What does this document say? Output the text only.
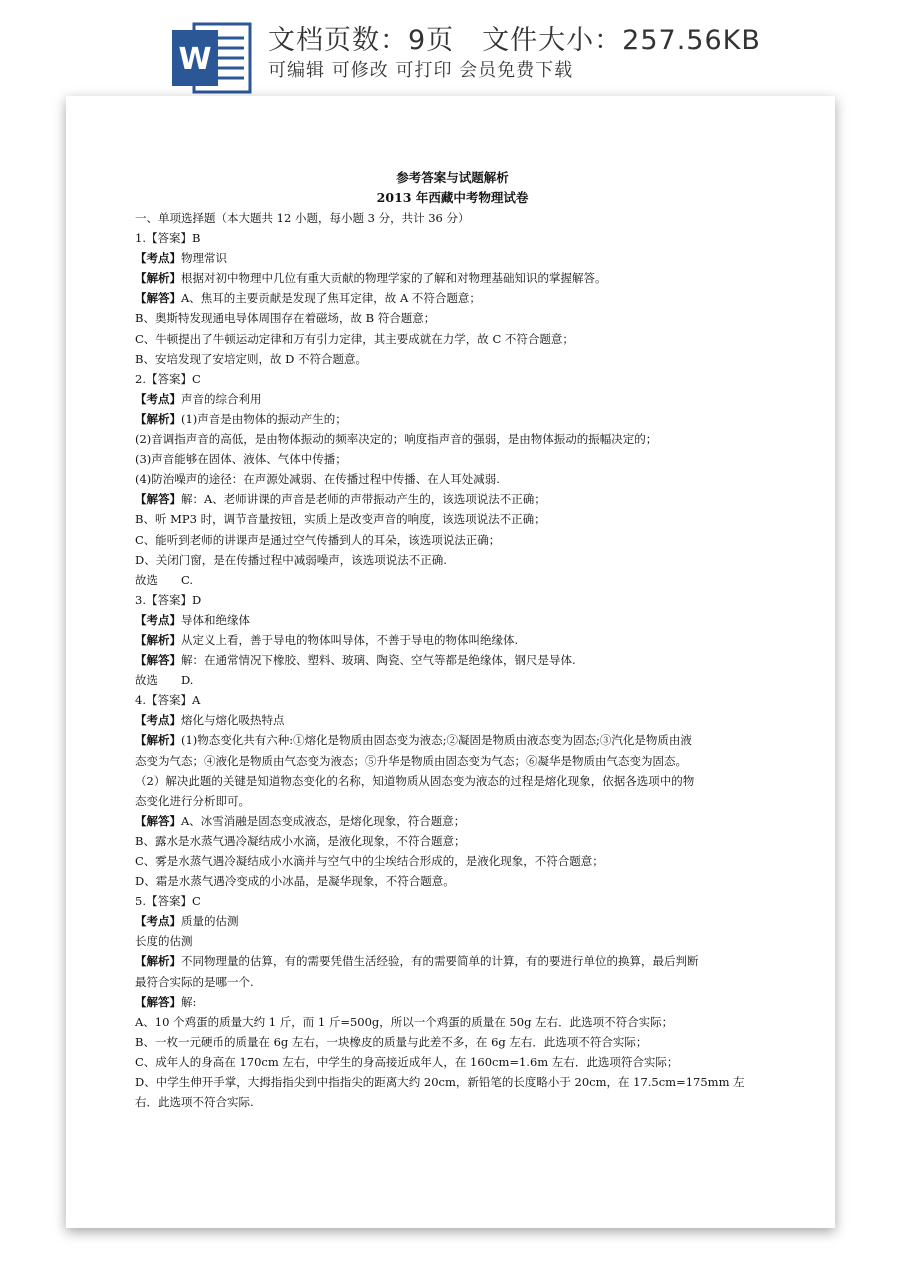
W
文档页数：9页　文件大小：257.56KB
可编辑 可修改 可打印 会员免费下载

参考答案与试题解析

2013 年西藏中考物理试卷

一、单项选择题（本大题共 12 小题，每小题 3 分，共计 36 分）

1.【答案】B

【考点】物理常识

【解析】根据对初中物理中几位有重大贡献的物理学家的了解和对物理基础知识的掌握解答。

【解答】A、焦耳的主要贡献是发现了焦耳定律，故 A 不符合题意；

B、奥斯特发现通电导体周围存在着磁场，故 B 符合题意；

C、牛顿提出了牛顿运动定律和万有引力定律，其主要成就在力学，故 C 不符合题意；

B、安培发现了安培定则，故 D 不符合题意。

2.【答案】C

【考点】声音的综合利用

【解析】(1)声音是由物体的振动产生的；

(2)音调指声音的高低，是由物体振动的频率决定的；响度指声音的强弱，是由物体振动的振幅决定的；

(3)声音能够在固体、液体、气体中传播；

(4)防治噪声的途径：在声源处减弱、在传播过程中传播、在人耳处减弱.

【解答】解：A、老师讲课的声音是老师的声带振动产生的，该选项说法不正确；

B、听 MP3 时，调节音量按钮，实质上是改变声音的响度，该选项说法不正确；

C、能听到老师的讲课声是通过空气传播到人的耳朵，该选项说法正确；

D、关闭门窗，是在传播过程中减弱噪声，该选项说法不正确.

故选　　C.

3.【答案】D

【考点】导体和绝缘体

【解析】从定义上看，善于导电的物体叫导体，不善于导电的物体叫绝缘体.

【解答】解：在通常情况下橡胶、塑料、玻璃、陶瓷、空气等都是绝缘体，钢尺是导体.

故选　　D.

4.【答案】A

【考点】熔化与熔化吸热特点

【解析】(1)物态变化共有六种:①熔化是物质由固态变为液态;②凝固是物质由液态变为固态;③汽化是物质由液

态变为气态；④液化是物质由气态变为液态；⑤升华是物质由固态变为气态；⑥凝华是物质由气态变为固态。

（2）解决此题的关键是知道物态变化的名称，知道物质从固态变为液态的过程是熔化现象，依据各选项中的物

态变化进行分析即可。

【解答】A、冰雪消融是固态变成液态，是熔化现象，符合题意；

B、露水是水蒸气遇冷凝结成小水滴，是液化现象，不符合题意；

C、雾是水蒸气遇冷凝结成小水滴并与空气中的尘埃结合形成的，是液化现象，不符合题意；

D、霜是水蒸气遇冷变成的小冰晶，是凝华现象，不符合题意。

5.【答案】C

【考点】质量的估测

长度的估测

【解析】不同物理量的估算，有的需要凭借生活经验，有的需要简单的计算，有的要进行单位的换算，最后判断

最符合实际的是哪一个.

【解答】解:

A、10 个鸡蛋的质量大约 1 斤，而 1 斤=500g，所以一个鸡蛋的质量在 50g 左右．此选项不符合实际；

B、一枚一元硬币的质量在 6g 左右，一块橡皮的质量与此差不多，在 6g 左右．此选项不符合实际；

C、成年人的身高在 170cm 左右，中学生的身高接近成年人，在 160cm=1.6m 左右．此选项符合实际；

D、中学生伸开手掌，大拇指指尖到中指指尖的距离大约 20cm，新铅笔的长度略小于 20cm，在 17.5cm=175mm 左

右．此选项不符合实际.
